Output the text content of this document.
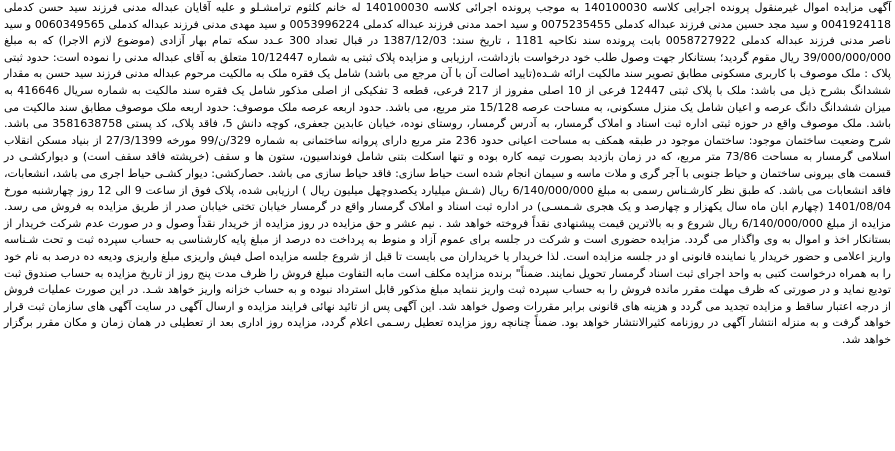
آگهی مزایده اموال غیرمنقول پرونده اجرایی کلاسه 140100030 به موجب پرونده اجرائی کلاسه 140100030 له خانم کلثوم ترامشـلو و علیه آقایان عبداله مدنی فرزند سید حسن کدملی 0041924118 و سید مجد حسین مدنی فرزند عبداله کدملی 0075235455 و سید احمد مدنی فرزند عبداله کدملی 0053996224 و سید مهدی مدنی فرزند عبداله کدملی 0060349565 و سید ناصر مدنی فرزند عبداله کدملی 0058727922 بابت پرونده سند نکاحیه 1181 ، تاریخ سند: 1387/12/03 در قبال تعداد 300 عـدد سکه تمام بهار آزادی (موضوع لازم الاجرا) که به مبلغ 39/000/000/000 ریال مقوم گردید؛ بستانکار جهت وصول طلب خود درخواست بازداشت، ارزیابی و مزایده پلاک ثبتی به شماره 10/12447 متعلق به آقای عبداله مدنی را نموده است: حدود ثبتی پلاک : ملک موصوف با کاربری مسکونی مطابق تصویر سند مالکیت ارائه شـده(تایید اصالت آن با آن مرجع می باشد) شامل یک فقره ملک به مالکیت مرحوم عبداله مدنی فرزند سید حسن به مقدار ششدانگ بشرح ذیل می باشد: ملک با پلاک ثبتی 12447 فرعی از 10 اصلی مفروز از 217 فرعی، قطعه 3 تفکیکی از اصلی مذکور شامل یک فقره سند مالکیت به شماره سریال 416646 به میزان ششدانگ دانگ عرصه و اعیان شامل یک منزل مسکونی، به مساحت عرصه 15/128 متر مربع، می باشد. حدود اربعه عرصه ملک موصوف: حدود اربعه ملک موصوف مطابق سند مالکیت می باشد. ملک موصوف واقع در حوزه ثبتی اداره ثبت اسناد و املاک گرمسار، به آدرس گرمسار، روستای نوده، خیابان عابدین جعفری، کوچه دانش 5، فاقد پلاک، کد پستی 3581638758 می باشد. شرح وضعیت ساختمان موجود: ساختمان موجود در طبقه همکف به مساحت اعیانی حدود 236 متر مربع دارای پروانه ساختمانی به شماره 329/ن/99 مورخه 27/3/1399 از بنیاد مسکن انقلاب اسلامی گرمسار به مساحت 73/86 متر مربع، که در زمان بازدید بصورت تیمه کاره بوده و تنها اسکلت بتنی شامل فونداسیون، ستون ها و سقف (خرپشته فاقد سقف است) و دیوارکشـی در قسمت های بیرونی ساختمان و حیاط جنوبی با آجر گری و ملات ماسه و سیمان انجام شده است حیاط سازی: فاقد حیاط سازی می باشد. حصارکشی: دیوار کشـی حیاط اجری می باشد، انشعابات، فاقد انشعابات می باشد. که طبق نظر کارشـناس رسمی به مبلغ 6/140/000/000 ریال (شـش میلیارد یکصدوچهل میلیون ریال ) ارزیابی شده، پلاک فوق از ساعت 9 الی 12 روز چهارشنبه مورخ 1401/08/04 (چهارم ابان ماه سال یکهزار و چهارصد و یک هجری شـمسـی) در اداره ثبت اسناد و املاک گرمسار واقع در گرمسار خیابان تختی خیابان صدر از طریق مزایده به فروش می رسد. مزایده از مبلغ 6/140/000/000 ریال شروع و به بالاترین قیمت پیشنهادی نقداً فروخته خواهد شد . نیم عشر و حق مزایده در روز مزایده از خریدار نقداً وصول و در صورت عدم شرکت خریدار از بستانکار اخذ و اموال به وی واگذار می گردد. مزایده حضوری است و شرکت در جلسه برای عموم آزاد و منوط به پرداخت ده درصد از مبلغ پایه کارشناسی به حساب سپرده ثبت و تحت شـناسه واریز اعلامی و حضور خریدار یا نماینده قانونی او در جلسه مزایده است. لذا خریدار یا خریداران می بایست تا قبل از شروع جلسه مزایده اصل فیش واریزی مبلغ واریزی ودیعه ده درصد به نام خود را به همراه درخواست کتبی به واحد اجرای ثبت اسناد گرمسار تحویل نمایند. ضمناً" برنده مزایده مکلف است مابه التفاوت مبلغ فروش را ظرف مدت پنج روز از تاریخ مزایده به حساب صندوق ثبت تودیع نماید و در صورتی که ظرف مهلت مقرر مانده فروش را به حساب سپرده ثبت واریز ننماید مبلغ مذکور قابل استرداد نبوده و به حساب خزانه واریز خواهد شـد. در این صورت عملیات فروش از درجه اعتبار ساقط و مزایده تجدید می گردد و هزینه های قانونی برابر مقررات وصول خواهد شد. این آگهی پس از تائید نهائی فرایند مزایده و ارسال آگهی در سایت آگهی های سازمان ثبت قرار خواهد گرفت و به منزله انتشار آگهی در روزنامه کثیرالانتشار خواهد بود. ضمناً چنانچه روز مزایده تعطیل رسـمی اعلام گردد، مزایده روز اداری بعد از تعطیلی در همان زمان و مکان مقرر برگزار خواهد شد.
